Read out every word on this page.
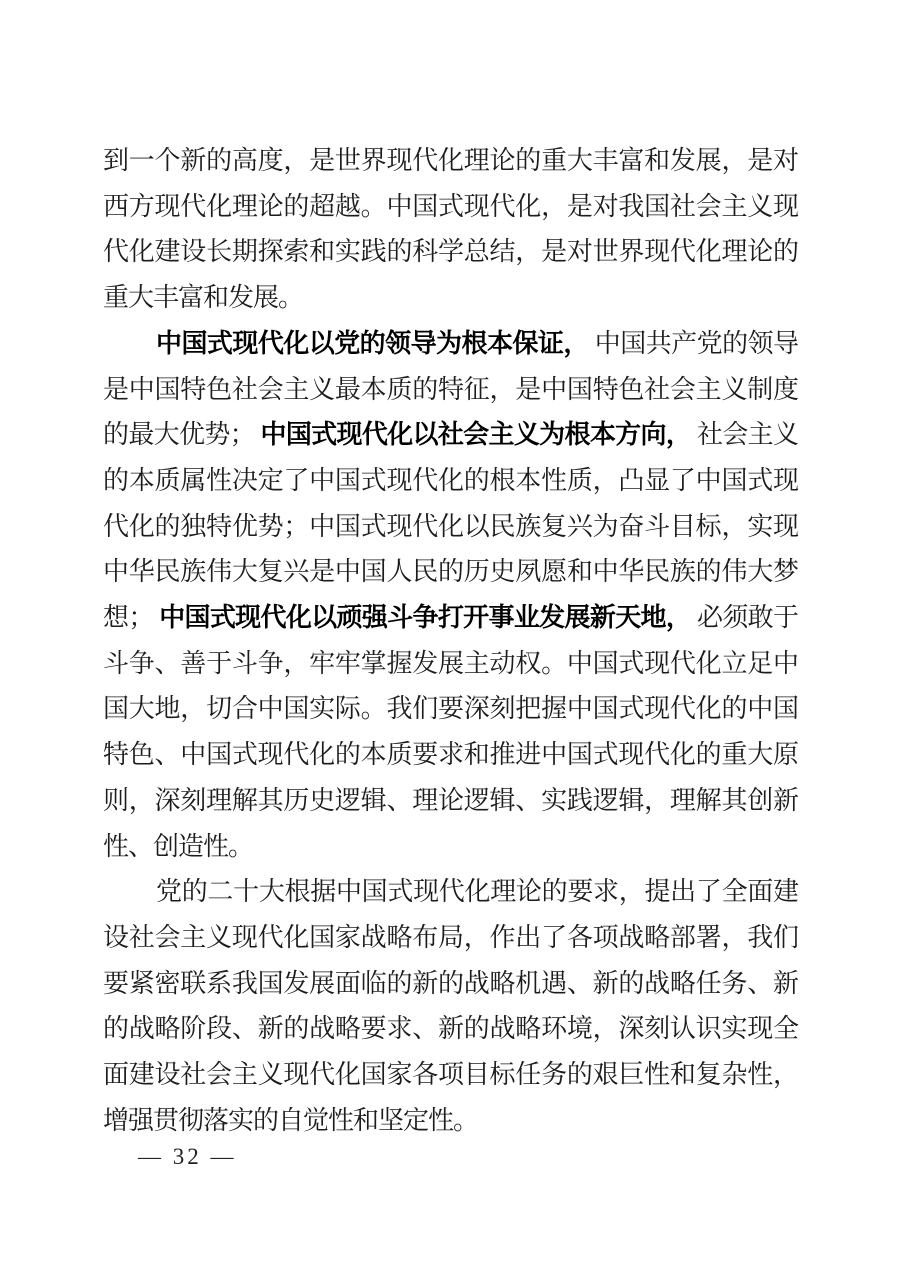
到一个新的高度，是世界现代化理论的重大丰富和发展，是对西方现代化理论的超越。中国式现代化，是对我国社会主义现代化建设长期探索和实践的科学总结，是对世界现代化理论的重大丰富和发展。

中国式现代化以党的领导为根本保证， 中国共产党的领导是中国特色社会主义最本质的特征，是中国特色社会主义制度的最大优势； 中国式现代化以社会主义为根本方向， 社会主义的本质属性决定了中国式现代化的根本性质，凸显了中国式现代化的独特优势；中国式现代化以民族复兴为奋斗目标，实现中华民族伟大复兴是中国人民的历史夙愿和中华民族的伟大梦想； 中国式现代化以顽强斗争打开事业发展新天地， 必须敢于斗争、善于斗争，牢牢掌握发展主动权。中国式现代化立足中国大地，切合中国实际。我们要深刻把握中国式现代化的中国特色、中国式现代化的本质要求和推进中国式现代化的重大原则，深刻理解其历史逻辑、理论逻辑、实践逻辑，理解其创新性、创造性。

党的二十大根据中国式现代化理论的要求，提出了全面建设社会主义现代化国家战略布局，作出了各项战略部署，我们要紧密联系我国发展面临的新的战略机遇、新的战略任务、新的战略阶段、新的战略要求、新的战略环境，深刻认识实现全面建设社会主义现代化国家各项目标任务的艰巨性和复杂性，增强贯彻落实的自觉性和坚定性。

— 32 —
